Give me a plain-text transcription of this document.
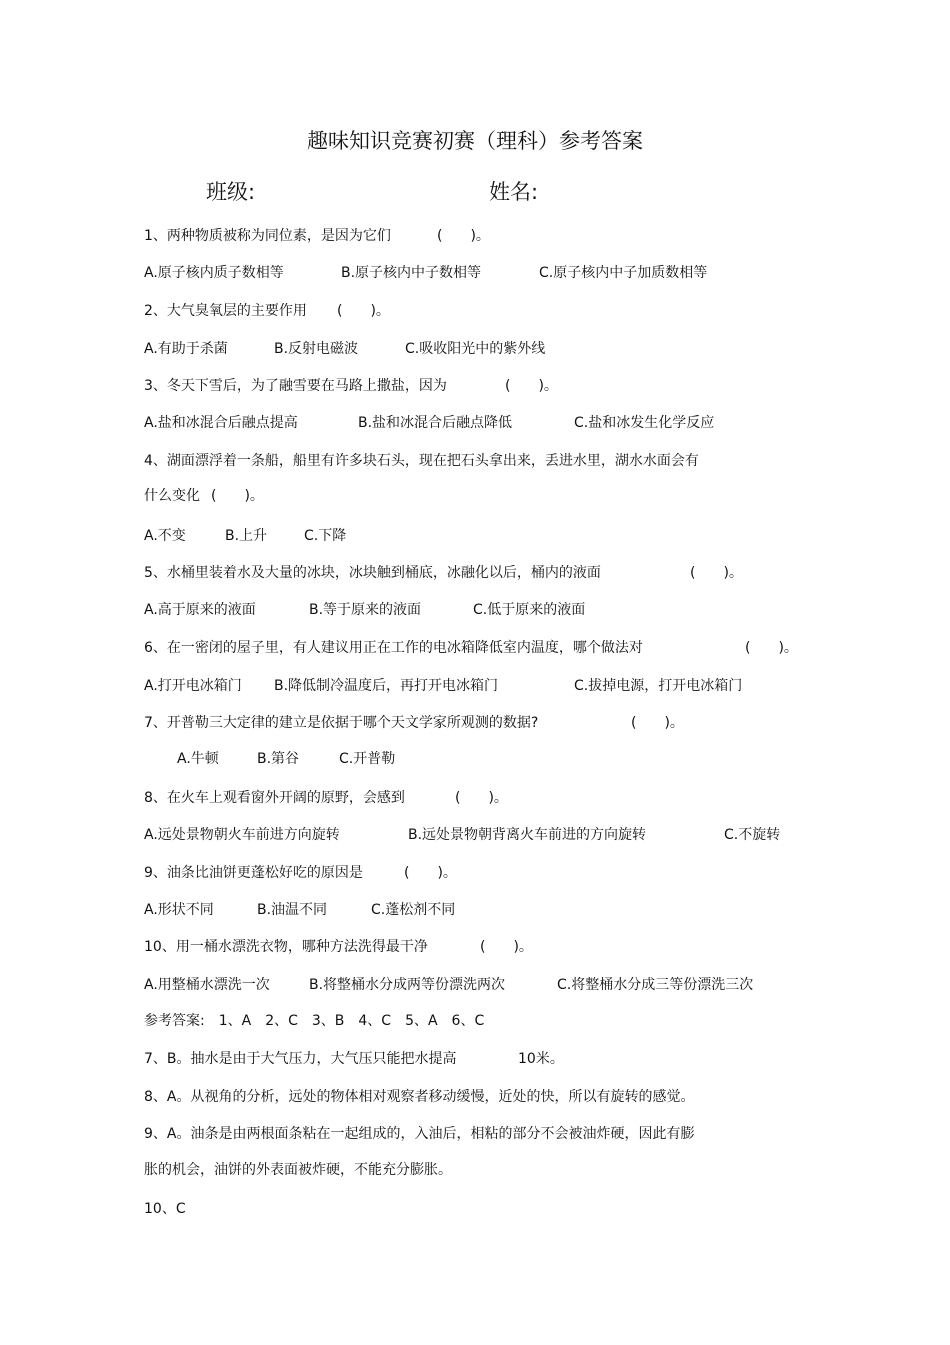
趣味知识竞赛初赛（理科）参考答案
班级:	姓名:
1、两种物质被称为同位素，是因为它们	(　　)。
A.原子核内质子数相等	B.原子核内中子数相等	C.原子核内中子加质数相等
2、大气臭氧层的主要作用 (　　)。
A.有助于杀菌	B.反射电磁波	C.吸收阳光中的紫外线
3、冬天下雪后，为了融雪要在马路上撒盐，因为	(　　)。
A.盐和冰混合后融点提高	B.盐和冰混合后融点降低	C.盐和冰发生化学反应
4、湖面漂浮着一条船，船里有许多块石头，现在把石头拿出来，丢进水里，湖水水面会有
什么变化 (　　)。
A.不变	B.上升	C.下降
5、水桶里装着水及大量的冰块，冰块触到桶底，冰融化以后，桶内的液面	(　　)。
A.高于原来的液面	B.等于原来的液面	C.低于原来的液面
6、在一密闭的屋子里，有人建议用正在工作的电冰箱降低室内温度，哪个做法对	(　　)。
A.打开电冰箱门 B.降低制冷温度后，再打开电冰箱门	C.拔掉电源，打开电冰箱门
7、开普勒三大定律的建立是依据于哪个天文学家所观测的数据?	(　　)。
A.牛顿	B.第谷	C.开普勒
8、在火车上观看窗外开阔的原野，会感到	(　　)。
A.远处景物朝火车前进方向旋转	B.远处景物朝背离火车前进的方向旋转	C.不旋转
9、油条比油饼更蓬松好吃的原因是	(　　)。
A.形状不同	B.油温不同	C.蓬松剂不同
10、用一桶水漂洗衣物，哪种方法洗得最干净	(　　)。
A.用整桶水漂洗一次	B.将整桶水分成两等份漂洗两次	C.将整桶水分成三等份漂洗三次
参考答案:　1、A　2、C　3、B　4、C　5、A　6、C
7、B。抽水是由于大气压力，大气压只能把水提高	10米。
8、A。从视角的分析，远处的物体相对观察者移动缓慢，近处的快，所以有旋转的感觉。
9、A。油条是由两根面条粘在一起组成的，入油后，相粘的部分不会被油炸硬，因此有膨
胀的机会，油饼的外表面被炸硬，不能充分膨胀。
10、C
